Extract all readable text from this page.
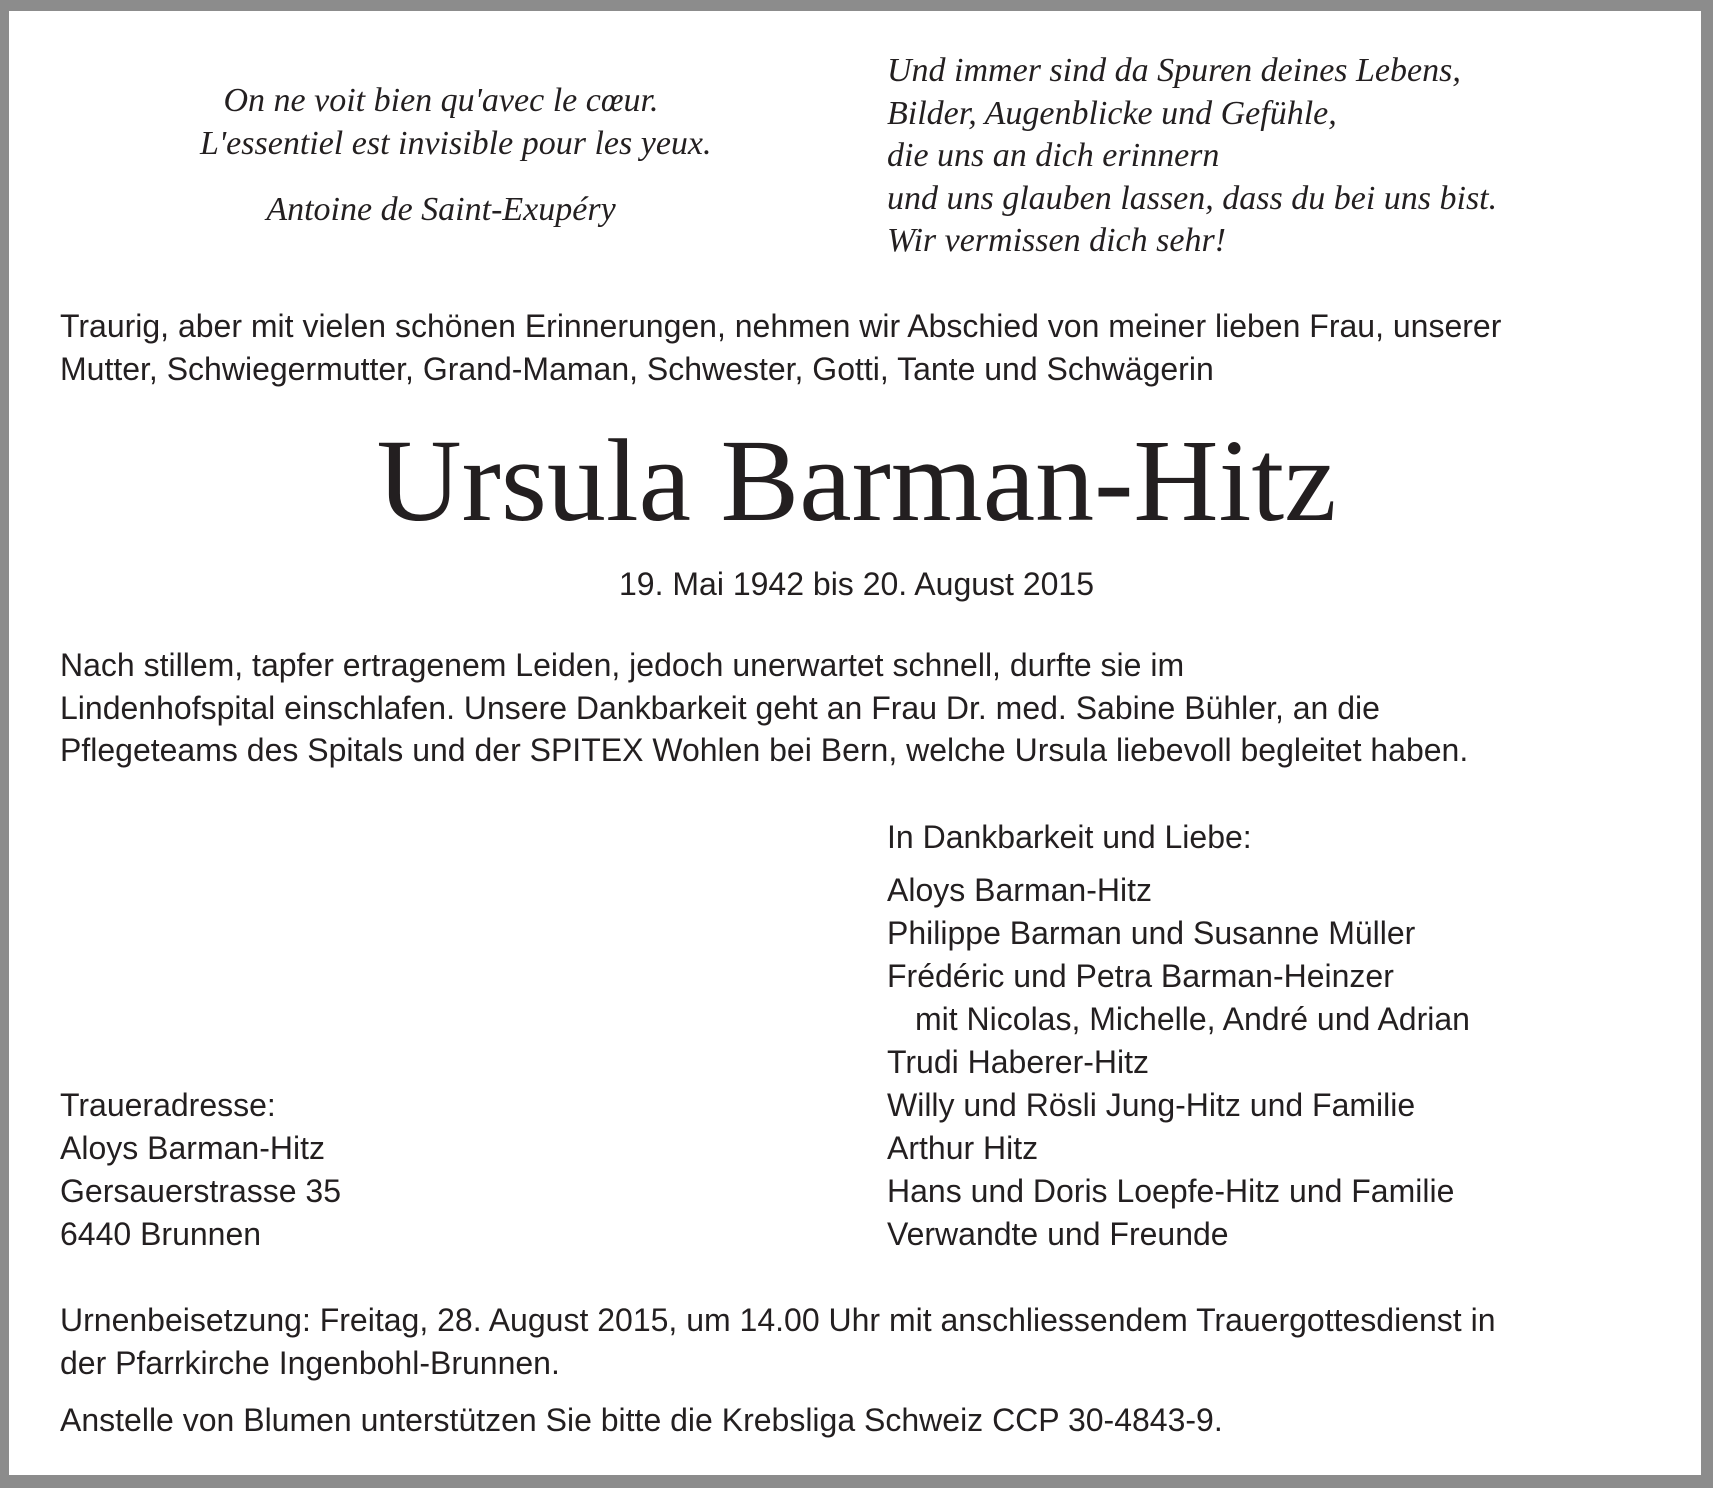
On ne voit bien qu'avec le cœur.
L'essentiel est invisible pour les yeux.
Antoine de Saint-Exupéry
Und immer sind da Spuren deines Lebens,
Bilder, Augenblicke und Gefühle,
die uns an dich erinnern
und uns glauben lassen, dass du bei uns bist.
Wir vermissen dich sehr!
Traurig, aber mit vielen schönen Erinnerungen, nehmen wir Abschied von meiner lieben Frau, unserer
Mutter, Schwiegermutter, Grand-Maman, Schwester, Gotti, Tante und Schwägerin
Ursula Barman-Hitz
19. Mai 1942 bis 20. August 2015
Nach stillem, tapfer ertragenem Leiden, jedoch unerwartet schnell, durfte sie im
Lindenhofspital einschlafen. Unsere Dankbarkeit geht an Frau Dr. med. Sabine Bühler, an die
Pflegeteams des Spitals und der SPITEX Wohlen bei Bern, welche Ursula liebevoll begleitet haben.
In Dankbarkeit und Liebe:
Aloys Barman-Hitz
Philippe Barman und Susanne Müller
Frédéric und Petra Barman-Heinzer
mit Nicolas, Michelle, André und Adrian
Trudi Haberer-Hitz
Willy und Rösli Jung-Hitz und Familie
Arthur Hitz
Hans und Doris Loepfe-Hitz und Familie
Verwandte und Freunde
Traueradresse:
Aloys Barman-Hitz
Gersauerstrasse 35
6440 Brunnen
Urnenbeisetzung: Freitag, 28. August 2015, um 14.00 Uhr mit anschliessendem Trauergottesdienst in
der Pfarrkirche Ingenbohl-Brunnen.
Anstelle von Blumen unterstützen Sie bitte die Krebsliga Schweiz CCP 30-4843-9.
